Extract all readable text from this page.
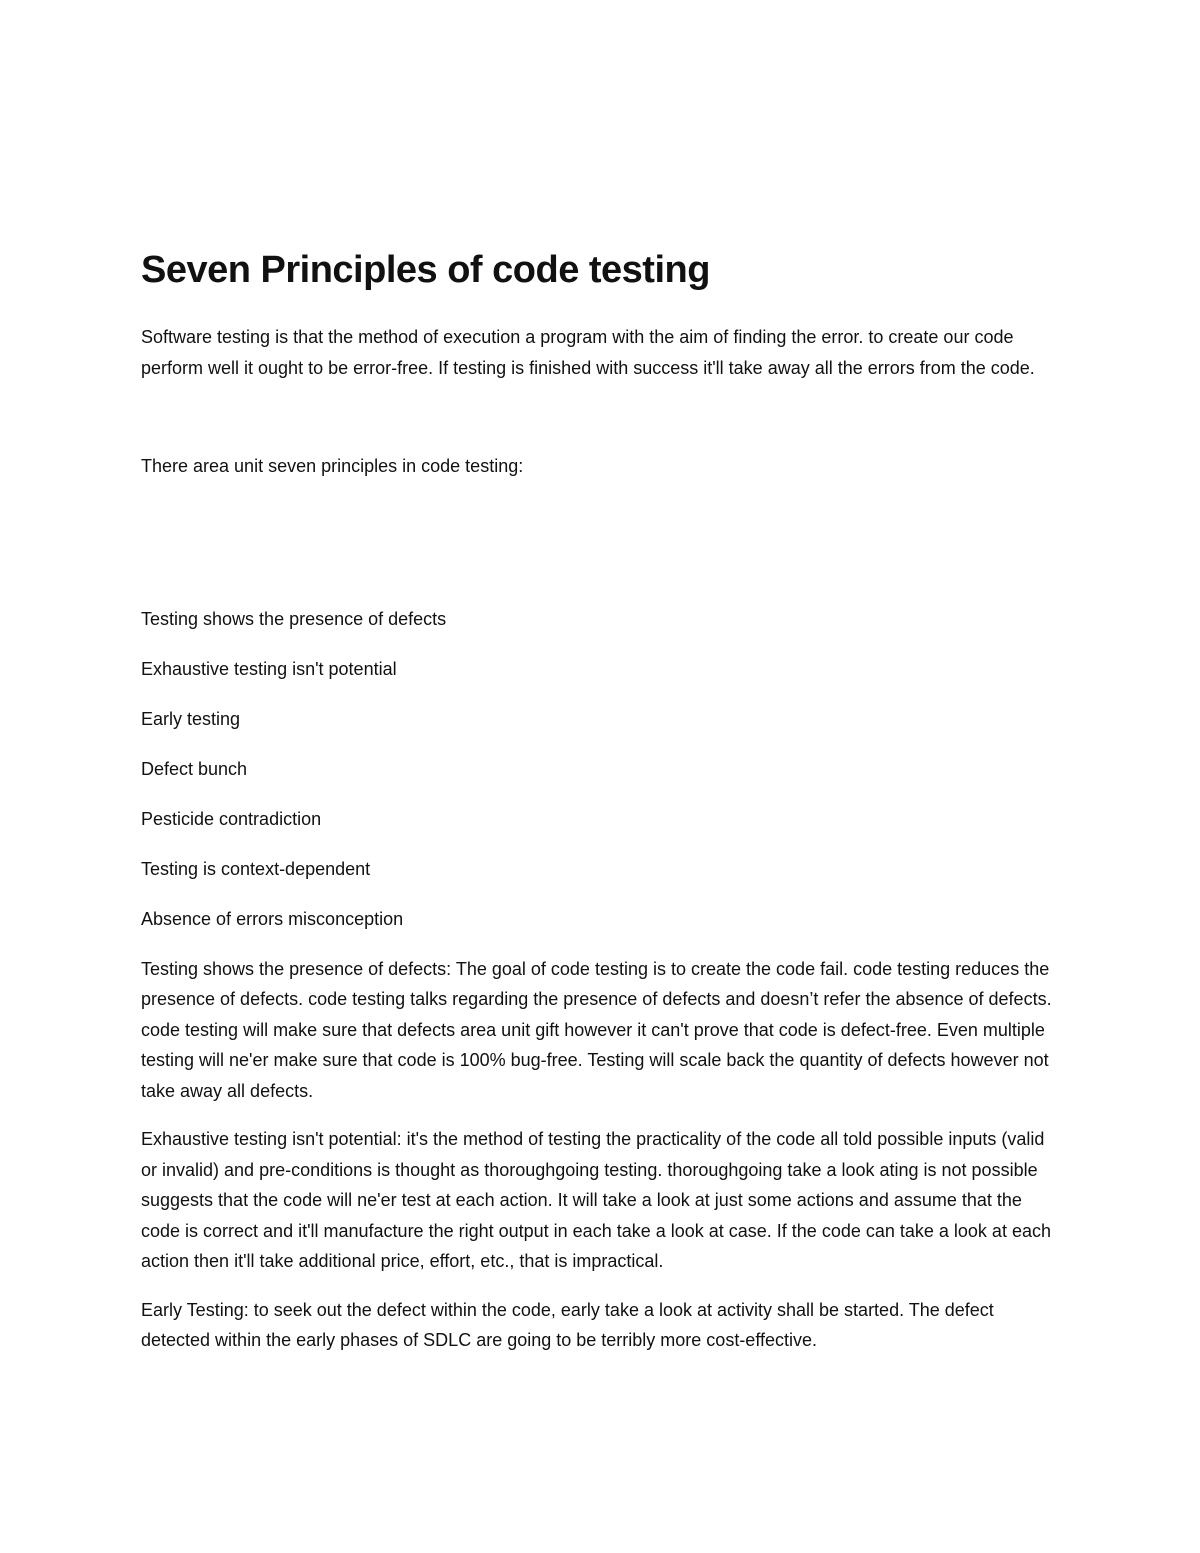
Seven Principles of code testing

Software testing is that the method of execution a program with the aim of finding the error. to create our code perform well it ought to be error-free. If testing is finished with success it'll take away all the errors from the code.

There area unit seven principles in code testing:

Testing shows the presence of defects
Exhaustive testing isn't potential
Early testing
Defect bunch
Pesticide contradiction
Testing is context-dependent
Absence of errors misconception

Testing shows the presence of defects: The goal of code testing is to create the code fail. code testing reduces the presence of defects. code testing talks regarding the presence of defects and doesn’t refer the absence of defects. code testing will make sure that defects area unit gift however it can't prove that code is defect-free. Even multiple testing will ne'er make sure that code is 100% bug-free. Testing will scale back the quantity of defects however not take away all defects.

Exhaustive testing isn't potential: it's the method of testing the practicality of the code all told possible inputs (valid or invalid) and pre-conditions is thought as thoroughgoing testing. thoroughgoing take a look ating is not possible suggests that the code will ne'er test at each action. It will take a look at just some actions and assume that the code is correct and it'll manufacture the right output in each take a look at case. If the code can take a look at each action then it'll take additional price, effort, etc., that is impractical.

Early Testing: to seek out the defect within the code, early take a look at activity shall be started. The defect detected within the early phases of SDLC are going to be terribly more cost-effective.
